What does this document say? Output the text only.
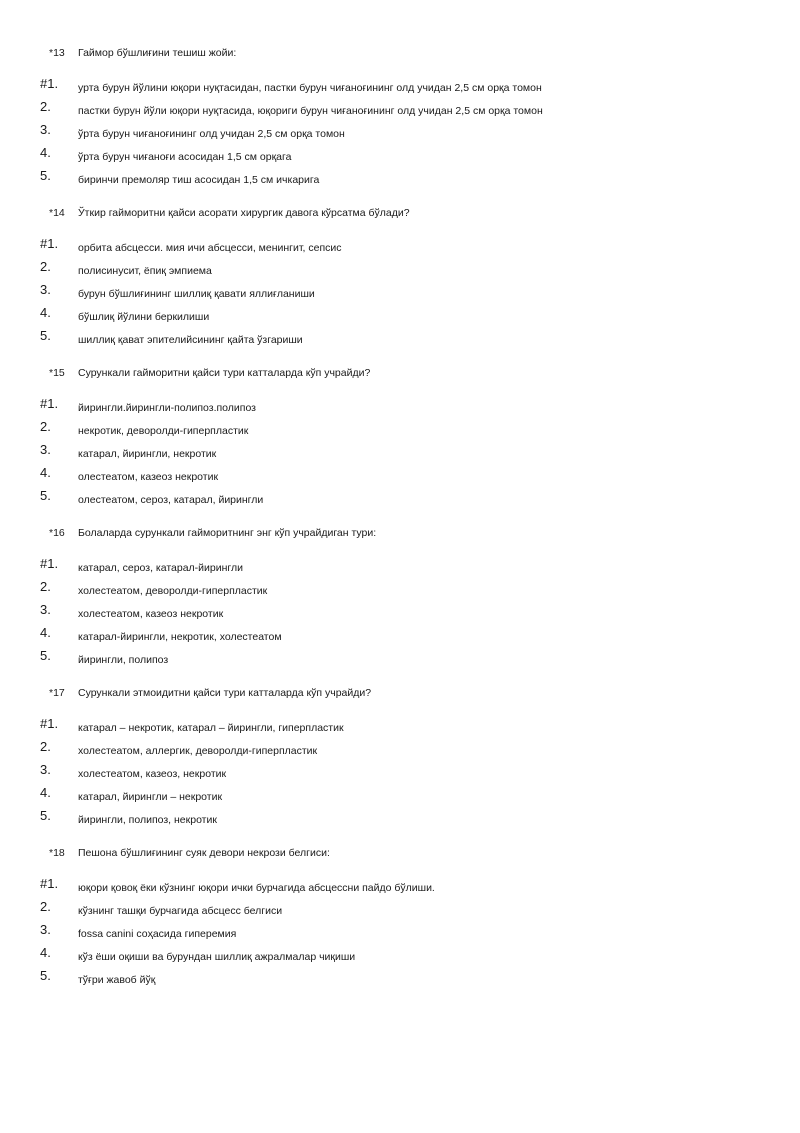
*13 Гаймор бўшлиғини тешиш жойи:
#1. урта бурун йўлини юқори нуқтасидан, пастки бурун чиғаноғининг олд учидан 2,5 см орқа томон
2.	пастки бурун йўли юқори нуқтасида, юқориги бурун чиғаноғининг олд учидан 2,5 см орқа томон
3.	ўрта бурун чиғаноғининг олд учидан 2,5 см орқа томон
4.	ўрта бурун чиғаноғи асосидан 1,5 см орқага
5.	биринчи премоляр тиш асосидан 1,5 см ичкарига
*14 Ўткир гайморитни қайси асорати хирургик давога кўрсатма бўлади?
#1. орбита абсцесси. мия ичи абсцесси, менингит, сепсис
2.	полисинусит, ёпиқ эмпиема
3.	бурун бўшлиғининг шиллиқ қавати яллиғланиши
4.	бўшлиқ йўлини беркилиши
5.	шиллиқ қават эпителийсининг қайта ўзгариши
*15 Сурункали гайморитни қайси тури катталарда кўп учрайди?
#1. йирингли.йирингли-полипоз.полипоз
2.	некротик, деворолди-гиперпластик
3.	катарал, йирингли, некротик
4.	олестеатом, казеоз некротик
5.	олестеатом, сероз, катарал, йирингли
*16 Болаларда сурункали гайморитнинг энг кўп учрайдиган тури:
#1. катарал, сероз, катарал-йирингли
2.	холестеатом, деворолди-гиперпластик
3.	холестеатом, казеоз некротик
4.	катарал-йирингли, некротик, холестеатом
5.	йирингли, полипоз
*17 Сурункали этмоидитни қайси тури катталарда кўп учрайди?
#1. катарал – некротик, катарал – йирингли, гиперпластик
2.	холестеатом, аллергик, деворолди-гиперпластик
3.	холестеатом, казеоз, некротик
4.	катарал, йирингли – некротик
5.	йирингли, полипоз, некротик
*18 Пешона бўшлиғининг суяк девори некрози белгиси:
#1. юқори қовоқ ёки кўзнинг юқори ички бурчагида абсцессни пайдо бўлиши.
2.	кўзнинг ташқи бурчагида абсцесс белгиси
3.	fossa canini соҳасида гиперемия
4.	кўз ёши оқиши ва бурундан шиллиқ ажралмалар чиқиши
5.	тўғри жавоб йўқ
